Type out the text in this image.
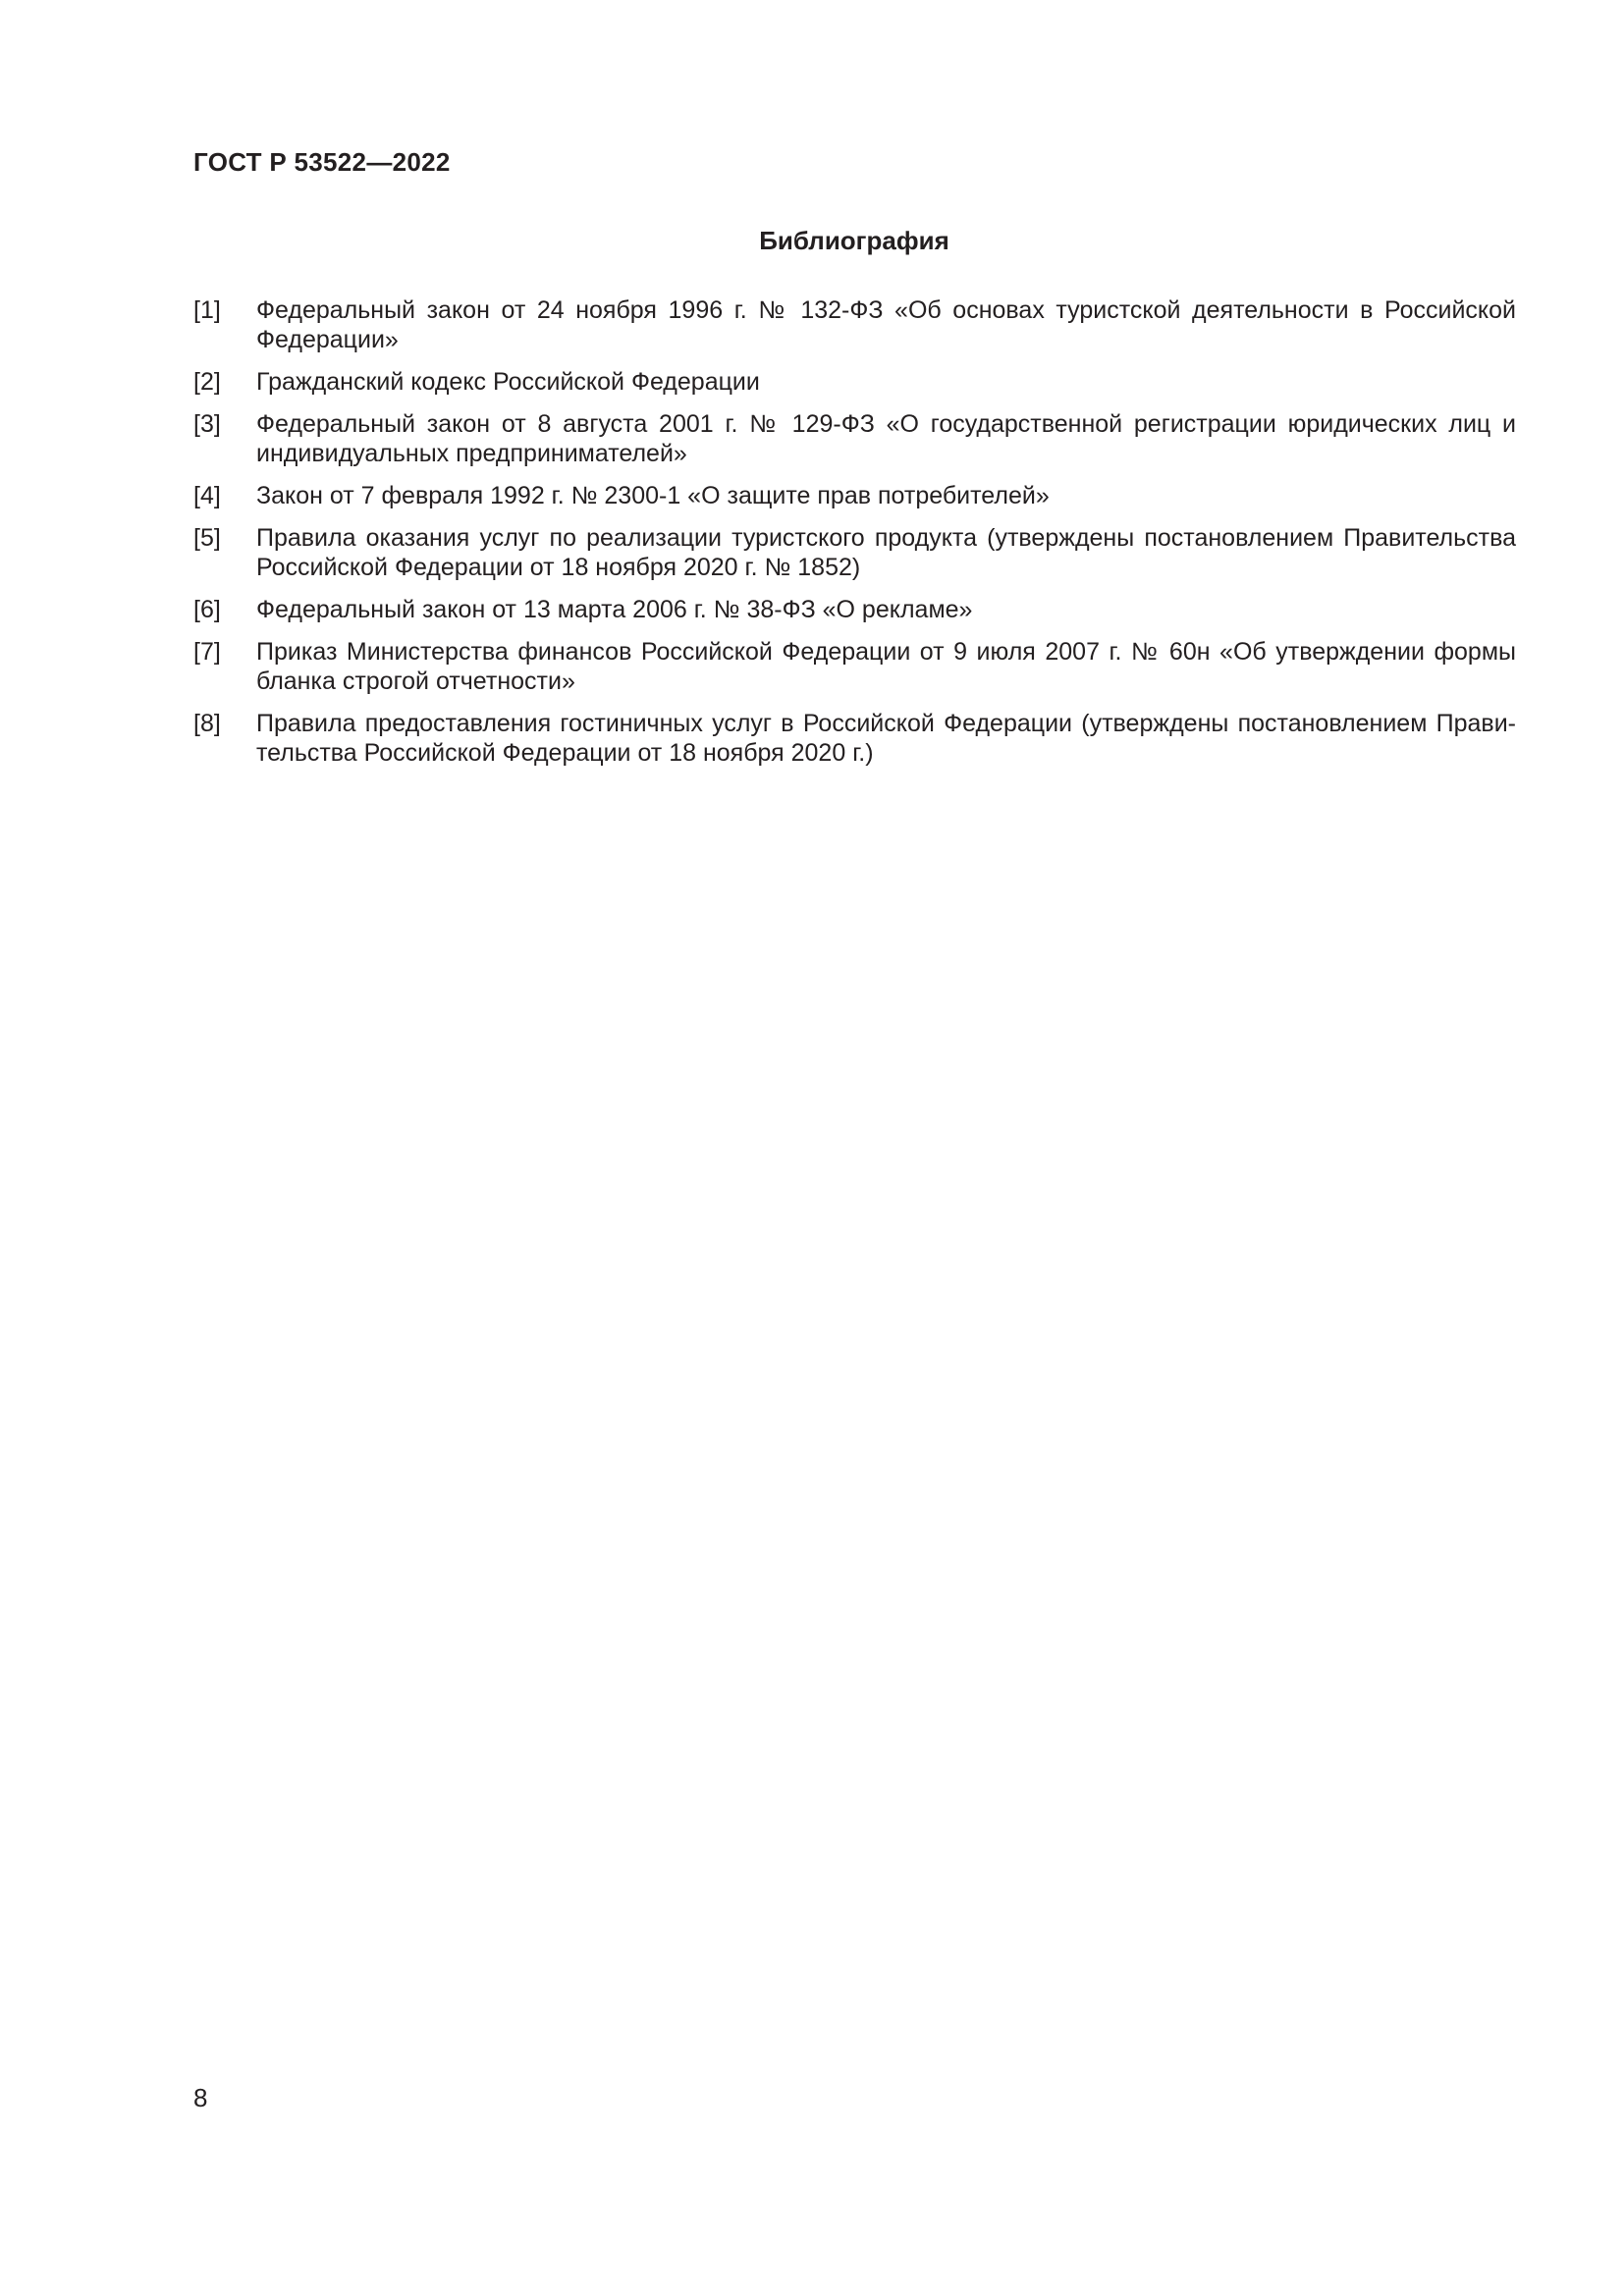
ГОСТ Р 53522—2022
Библиография
[1]	Федеральный закон от 24 ноября 1996 г. № 132-ФЗ «Об основах туристской деятельности в Российской Федерации»
[2]	Гражданский кодекс Российской Федерации
[3]	Федеральный закон от 8 августа 2001 г. № 129-ФЗ «О государственной регистрации юридических лиц и индивидуальных предпринимателей»
[4]	Закон от 7 февраля 1992 г. № 2300-1 «О защите прав потребителей»
[5]	Правила оказания услуг по реализации туристского продукта (утверждены постановлением Правительства Российской Федерации от 18 ноября 2020 г. № 1852)
[6]	Федеральный закон от 13 марта 2006 г. № 38-ФЗ «О рекламе»
[7]	Приказ Министерства финансов Российской Федерации от 9 июля 2007 г. № 60н «Об утверждении формы бланка строгой отчетности»
[8]	Правила предоставления гостиничных услуг в Российской Федерации (утверждены постановлением Прави-тельства Российской Федерации от 18 ноября 2020 г.)
8
